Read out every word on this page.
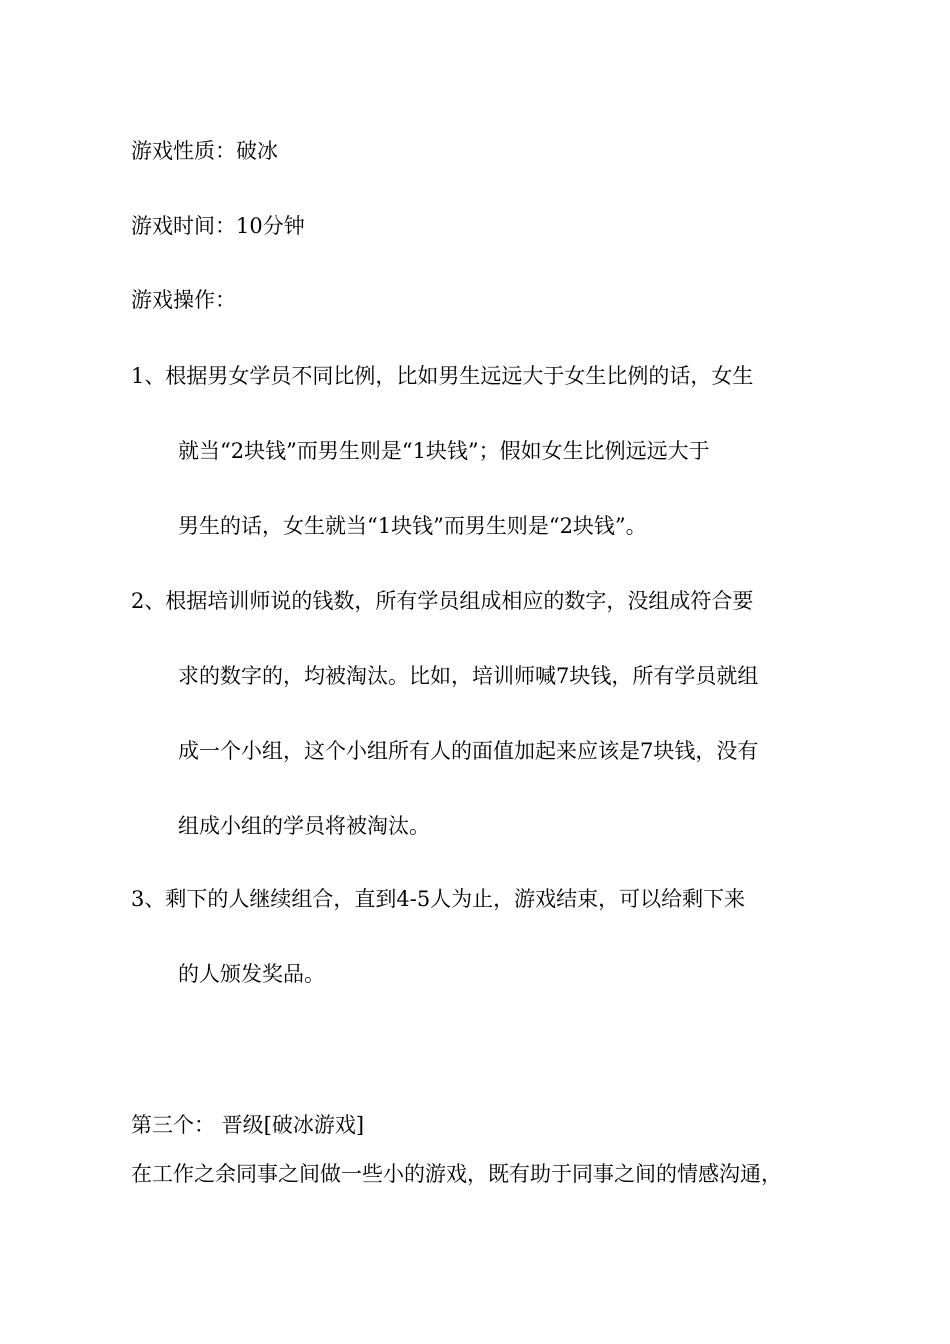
游戏性质：破冰
游戏时间：10分钟
游戏操作：
1、根据男女学员不同比例，比如男生远远大于女生比例的话，女生
就当“2块钱”而男生则是“1块钱”；假如女生比例远远大于
男生的话，女生就当“1块钱”而男生则是“2块钱”。
2、根据培训师说的钱数，所有学员组成相应的数字，没组成符合要
求的数字的，均被淘汰。比如，培训师喊7块钱，所有学员就组
成一个小组，这个小组所有人的面值加起来应该是7块钱，没有
组成小组的学员将被淘汰。
3、剩下的人继续组合，直到4-5人为止，游戏结束，可以给剩下来
的人颁发奖品。
第三个： 晋级[破冰游戏]
在工作之余同事之间做一些小的游戏，既有助于同事之间的情感沟通，
